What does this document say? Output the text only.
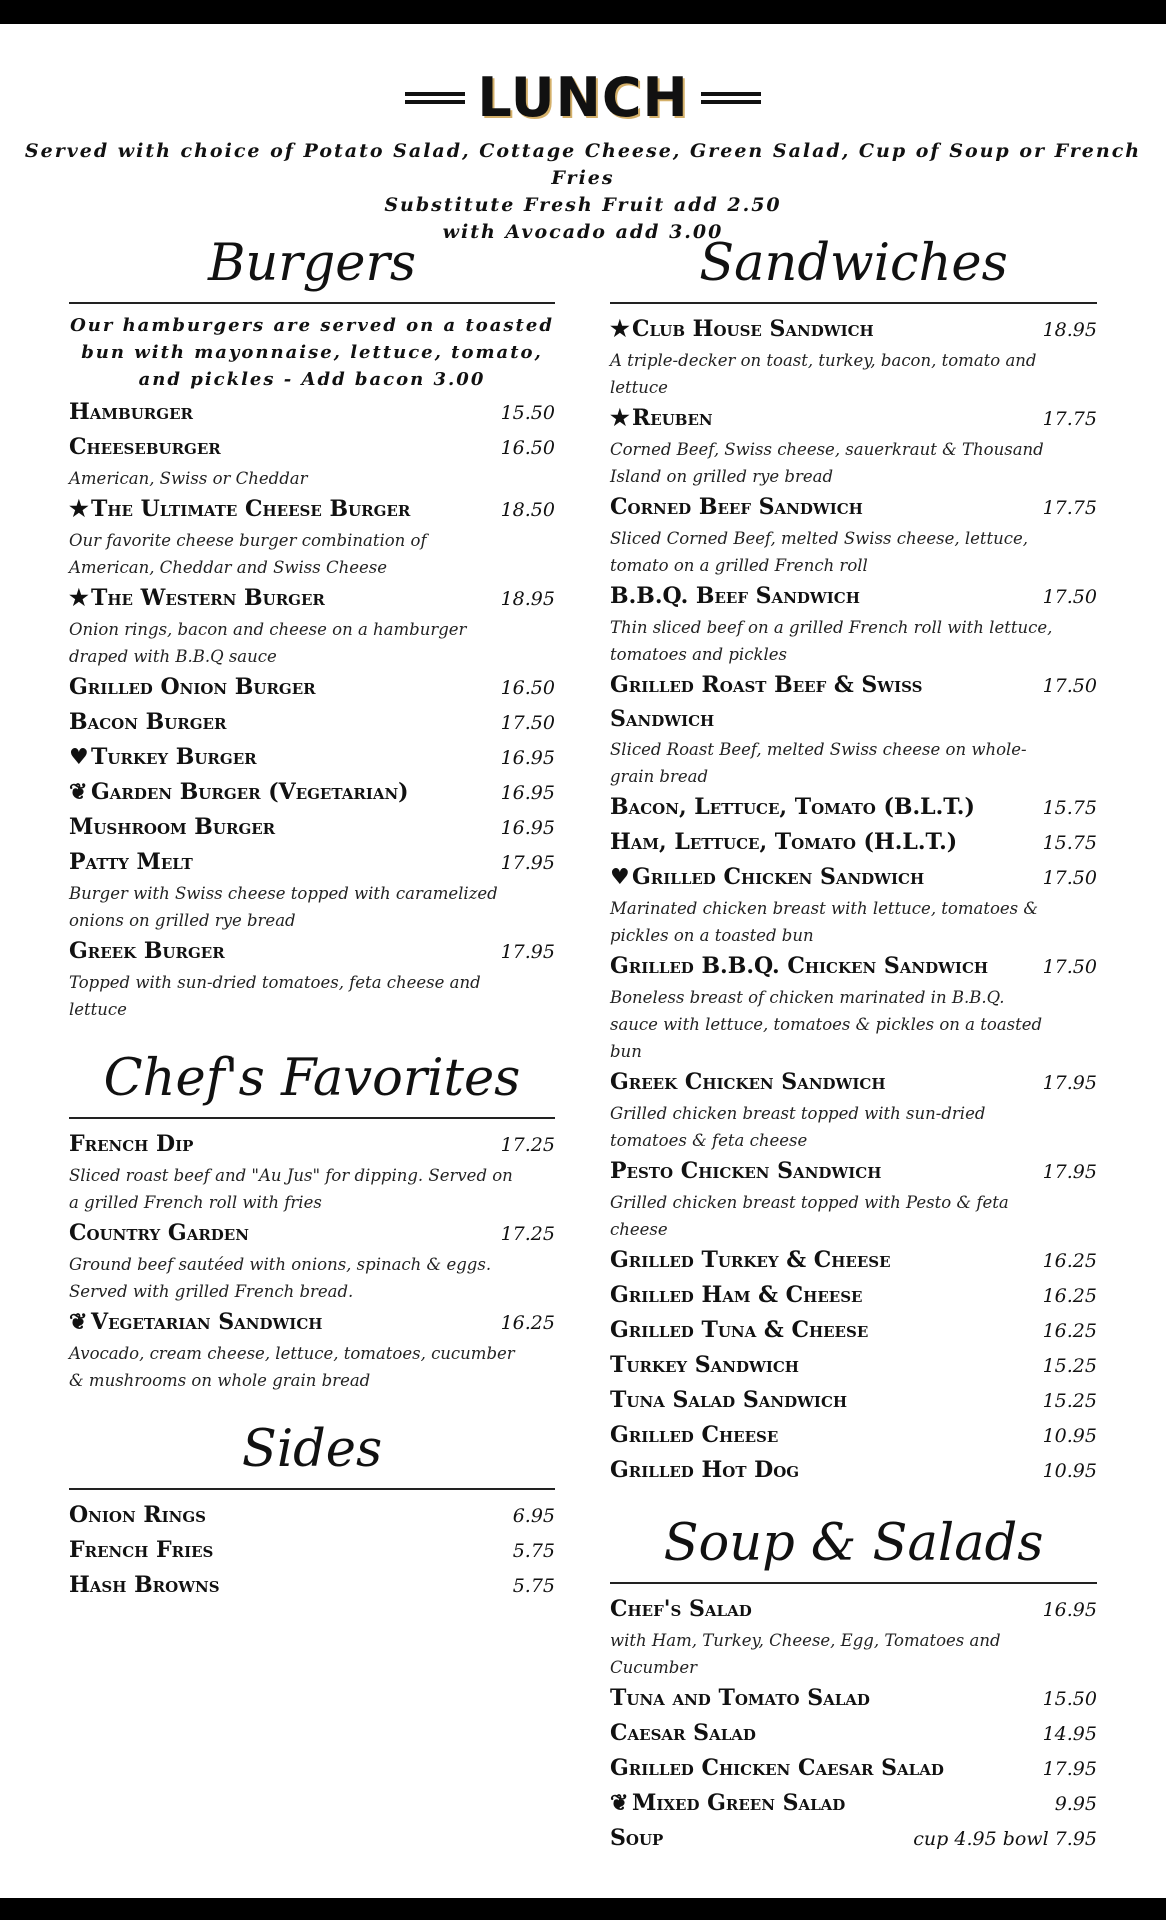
LUNCH
Served with choice of Potato Salad, Cottage Cheese, Green Salad, Cup of Soup or French Fries
Substitute Fresh Fruit add 2.50
with Avocado add 3.00
Burgers
Our hamburgers are served on a toasted bun with mayonnaise, lettuce, tomato, and pickles - Add bacon 3.00
Hamburger	15.50
Cheeseburger	16.50
American, Swiss or Cheddar
★ The Ultimate Cheese Burger	18.50
Our favorite cheese burger combination of American, Cheddar and Swiss Cheese
★ The Western Burger	18.95
Onion rings, bacon and cheese on a hamburger draped with B.B.Q sauce
Grilled Onion Burger	16.50
Bacon Burger	17.50
♥ Turkey Burger	16.95
❦ Garden Burger (Vegetarian)	16.95
Mushroom Burger	16.95
Patty Melt	17.95
Burger with Swiss cheese topped with caramelized onions on grilled rye bread
Greek Burger	17.95
Topped with sun-dried tomatoes, feta cheese and lettuce
Chef's Favorites
French Dip	17.25
Sliced roast beef and "Au Jus" for dipping. Served on a grilled French roll with fries
Country Garden	17.25
Ground beef sautéed with onions, spinach & eggs. Served with grilled French bread.
❦ Vegetarian Sandwich	16.25
Avocado, cream cheese, lettuce, tomatoes, cucumber & mushrooms on whole grain bread
Sides
Onion Rings	6.95
French Fries	5.75
Hash Browns	5.75
Sandwiches
★ Club House Sandwich	18.95
A triple-decker on toast, turkey, bacon, tomato and lettuce
★ Reuben	17.75
Corned Beef, Swiss cheese, sauerkraut & Thousand Island on grilled rye bread
Corned Beef Sandwich	17.75
Sliced Corned Beef, melted Swiss cheese, lettuce, tomato on a grilled French roll
B.B.Q. Beef Sandwich	17.50
Thin sliced beef on a grilled French roll with lettuce, tomatoes and pickles
Grilled Roast Beef & Swiss Sandwich
17.50
Sliced Roast Beef, melted Swiss cheese on whole-grain bread
Bacon, Lettuce, Tomato (B.L.T.)	15.75
Ham, Lettuce, Tomato (H.L.T.)	15.75
♥ Grilled Chicken Sandwich	17.50
Marinated chicken breast with lettuce, tomatoes & pickles on a toasted bun
Grilled B.B.Q. Chicken Sandwich	17.50
Boneless breast of chicken marinated in B.B.Q. sauce with lettuce, tomatoes & pickles on a toasted bun
Greek Chicken Sandwich	17.95
Grilled chicken breast topped with sun-dried tomatoes & feta cheese
Pesto Chicken Sandwich	17.95
Grilled chicken breast topped with Pesto & feta cheese
Grilled Turkey & Cheese	16.25
Grilled Ham & Cheese	16.25
Grilled Tuna & Cheese	16.25
Turkey Sandwich	15.25
Tuna Salad Sandwich	15.25
Grilled Cheese	10.95
Grilled Hot Dog	10.95
Soup & Salads
Chef's Salad	16.95
with Ham, Turkey, Cheese, Egg, Tomatoes and Cucumber
Tuna and Tomato Salad	15.50
Caesar Salad	14.95
Grilled Chicken Caesar Salad	17.95
❦ Mixed Green Salad	9.95
Soup	cup 4.95 bowl 7.95
